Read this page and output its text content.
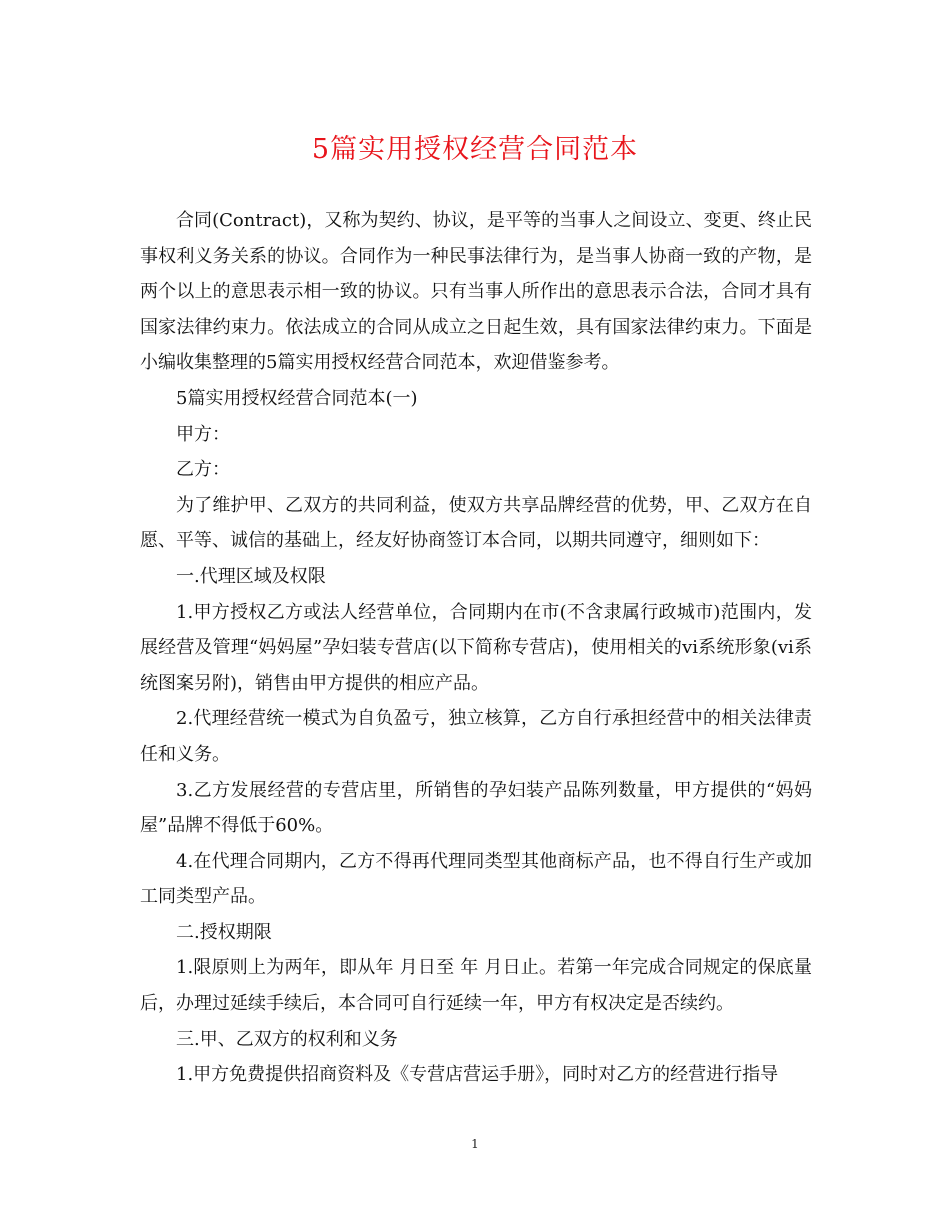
5篇实用授权经营合同范本

合同(Contract)，又称为契约、协议，是平等的当事人之间设立、变更、终止民事权利义务关系的协议。合同作为一种民事法律行为，是当事人协商一致的产物，是两个以上的意思表示相一致的协议。只有当事人所作出的意思表示合法，合同才具有国家法律约束力。依法成立的合同从成立之日起生效，具有国家法律约束力。下面是小编收集整理的5篇实用授权经营合同范本，欢迎借鉴参考。

5篇实用授权经营合同范本(一)

甲方：

乙方：

为了维护甲、乙双方的共同利益，使双方共享品牌经营的优势，甲、乙双方在自愿、平等、诚信的基础上，经友好协商签订本合同，以期共同遵守，细则如下：

一.代理区域及权限

1.甲方授权乙方或法人经营单位，合同期内在市(不含隶属行政城市)范围内，发展经营及管理“妈妈屋”孕妇装专营店(以下简称专营店)，使用相关的vi系统形象(vi系统图案另附)，销售由甲方提供的相应产品。

2.代理经营统一模式为自负盈亏，独立核算，乙方自行承担经营中的相关法律责任和义务。

3.乙方发展经营的专营店里，所销售的孕妇装产品陈列数量，甲方提供的“妈妈屋”品牌不得低于60%。

4.在代理合同期内，乙方不得再代理同类型其他商标产品，也不得自行生产或加工同类型产品。

二.授权期限

1.限原则上为两年，即从年 月日至 年 月日止。若第一年完成合同规定的保底量后，办理过延续手续后，本合同可自行延续一年，甲方有权决定是否续约。

三.甲、乙双方的权利和义务

1.甲方免费提供招商资料及《专营店营运手册》，同时对乙方的经营进行指导

1
